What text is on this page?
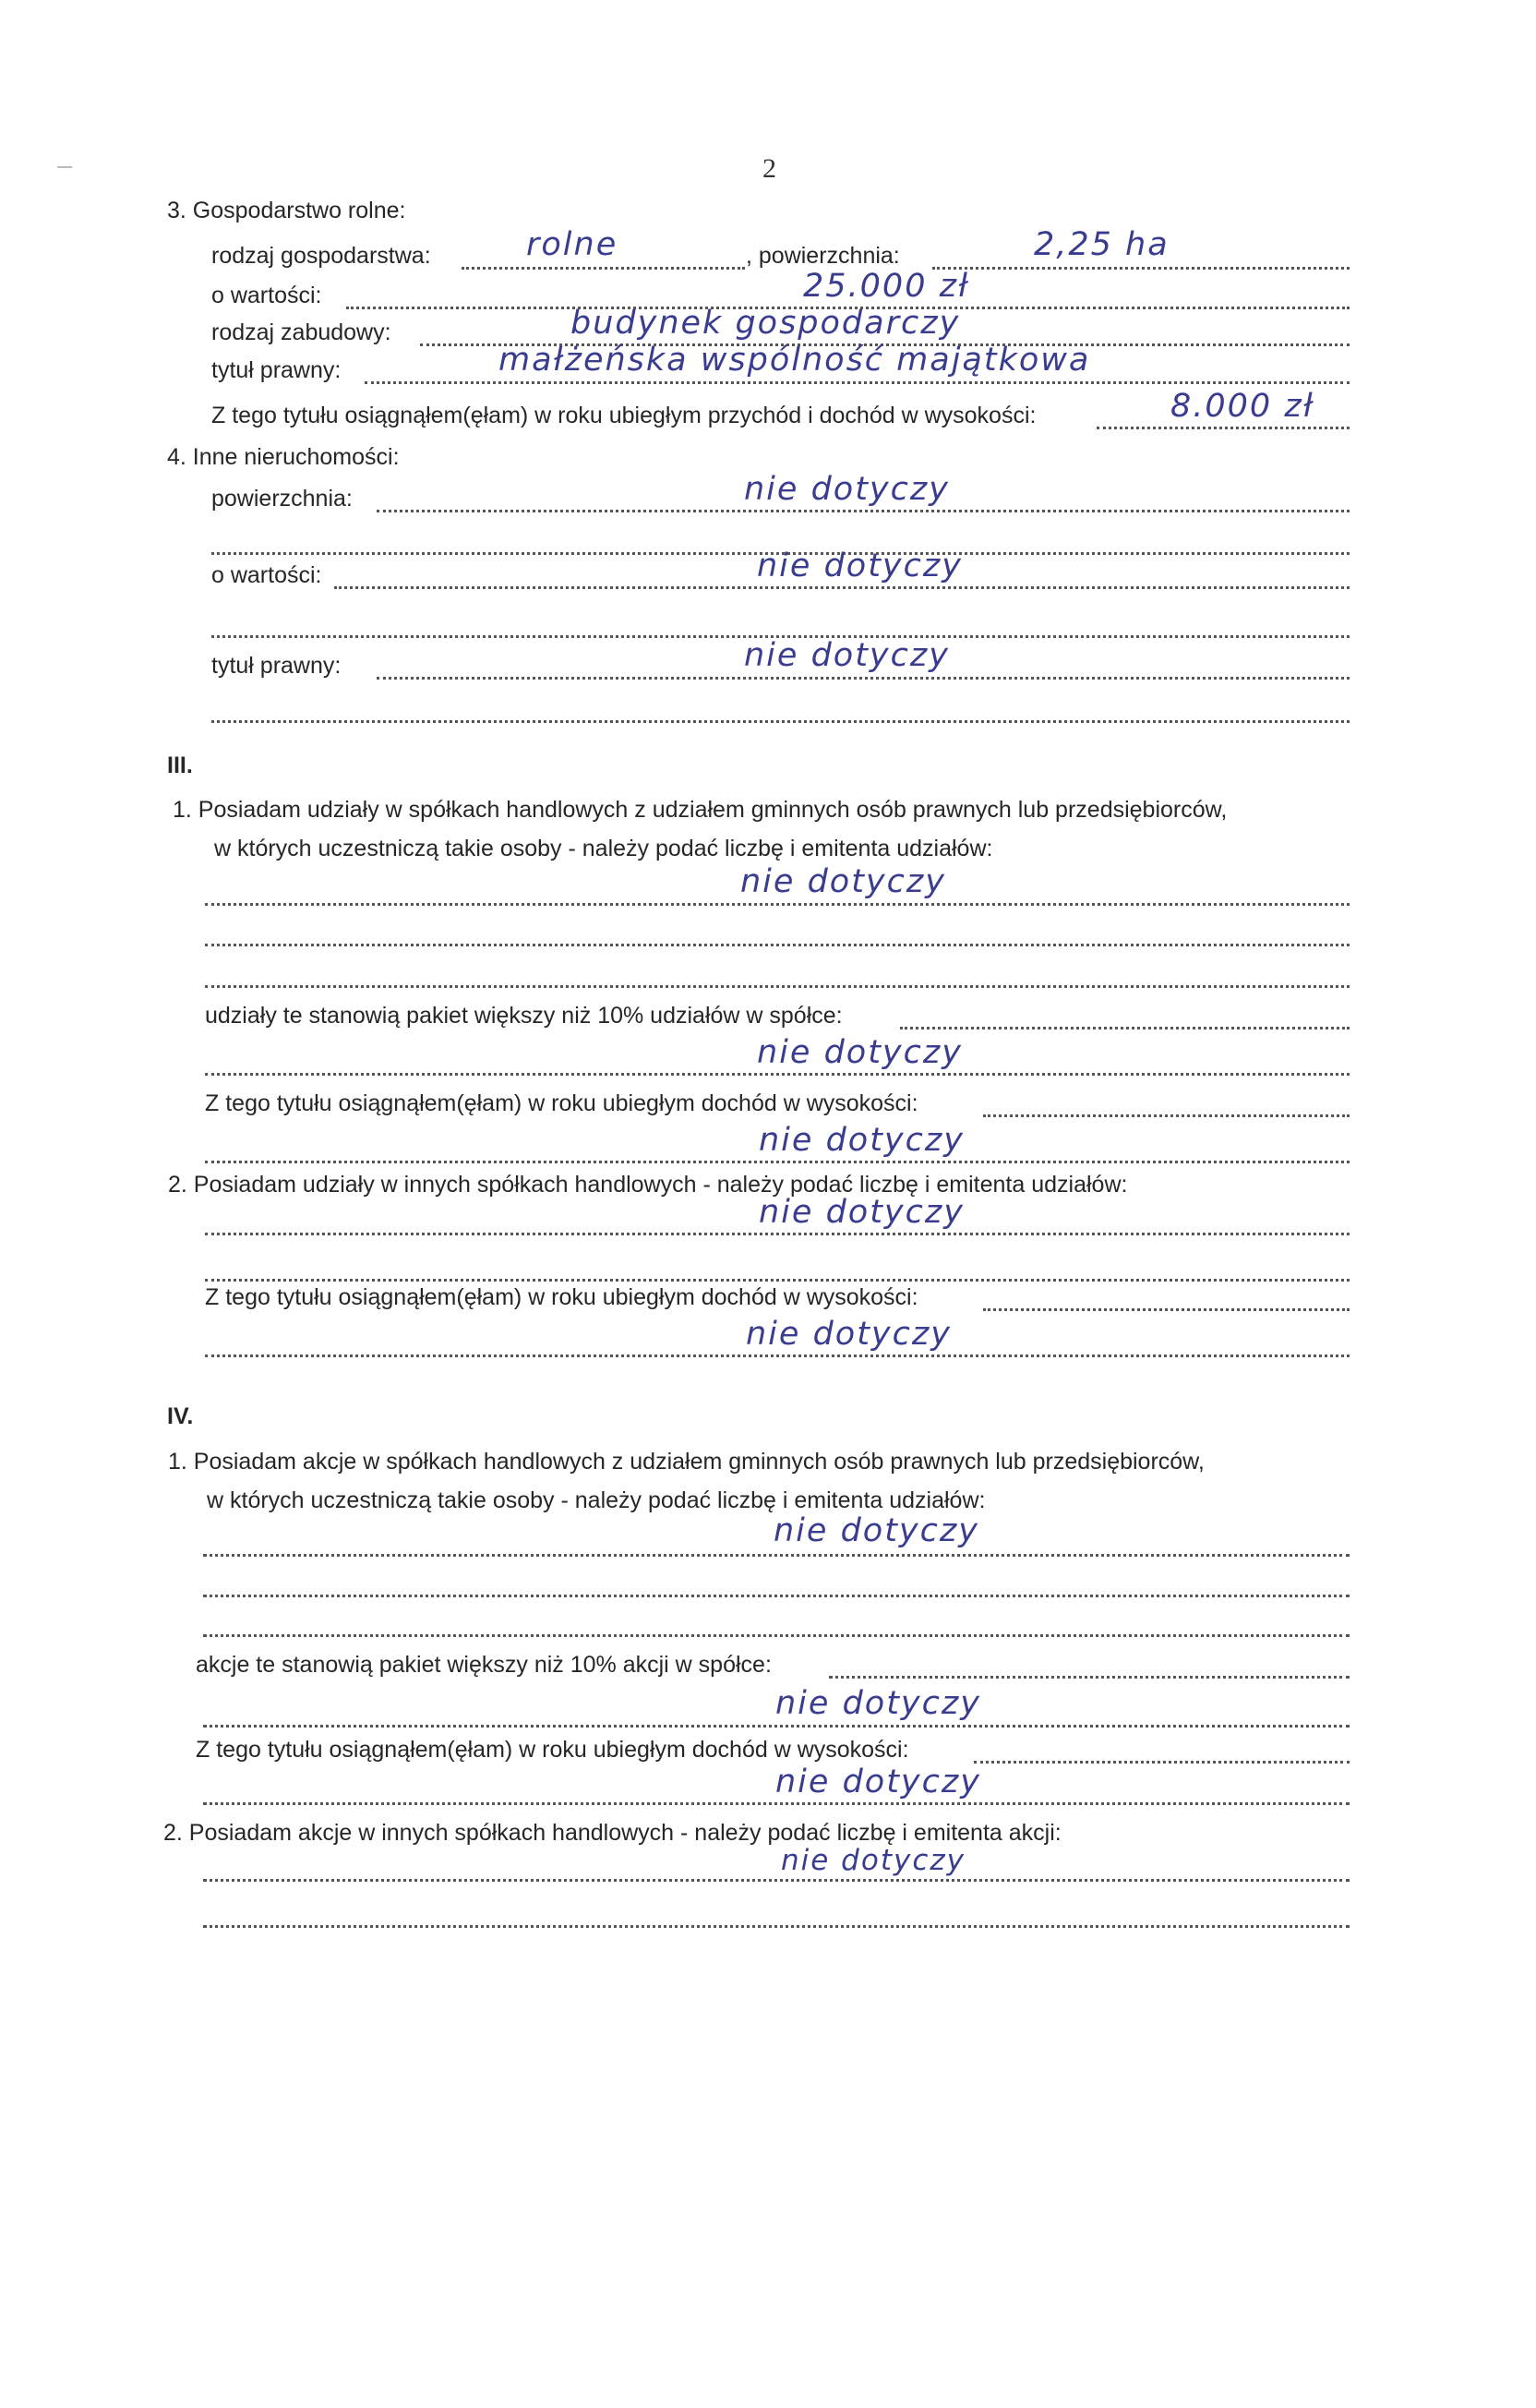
2
3. Gospodarstwo rolne:
rodzaj gospodarstwa:	rolne	, powierzchnia:	2,25 ha
o wartości:	25.000 zł
rodzaj zabudowy:	budynek gospodarczy
tytuł prawny:	małżeńska wspólność majątkowa
Z tego tytułu osiągnąłem(ęłam) w roku ubiegłym przychód i dochód w wysokości:	8.000 zł
4. Inne nieruchomości:
powierzchnia:	nie dotyczy
o wartości:	nie dotyczy
tytuł prawny:	nie dotyczy
III.
1. Posiadam udziały w spółkach handlowych z udziałem gminnych osób prawnych lub przedsiębiorców,
w których uczestniczą takie osoby - należy podać liczbę i emitenta udziałów:
nie dotyczy
udziały te stanowią pakiet większy niż 10% udziałów w spółce:
nie dotyczy
Z tego tytułu osiągnąłem(ęłam) w roku ubiegłym dochód w wysokości:
nie dotyczy
2. Posiadam udziały w innych spółkach handlowych - należy podać liczbę i emitenta udziałów:
nie dotyczy
Z tego tytułu osiągnąłem(ęłam) w roku ubiegłym dochód w wysokości:
nie dotyczy
IV.
1. Posiadam akcje w spółkach handlowych z udziałem gminnych osób prawnych lub przedsiębiorców,
w których uczestniczą takie osoby - należy podać liczbę i emitenta udziałów:
nie dotyczy
akcje te stanowią pakiet większy niż 10% akcji w spółce:
nie dotyczy
Z tego tytułu osiągnąłem(ęłam) w roku ubiegłym dochód w wysokości:
nie dotyczy
2. Posiadam akcje w innych spółkach handlowych - należy podać liczbę i emitenta akcji:
nie dotyczy
